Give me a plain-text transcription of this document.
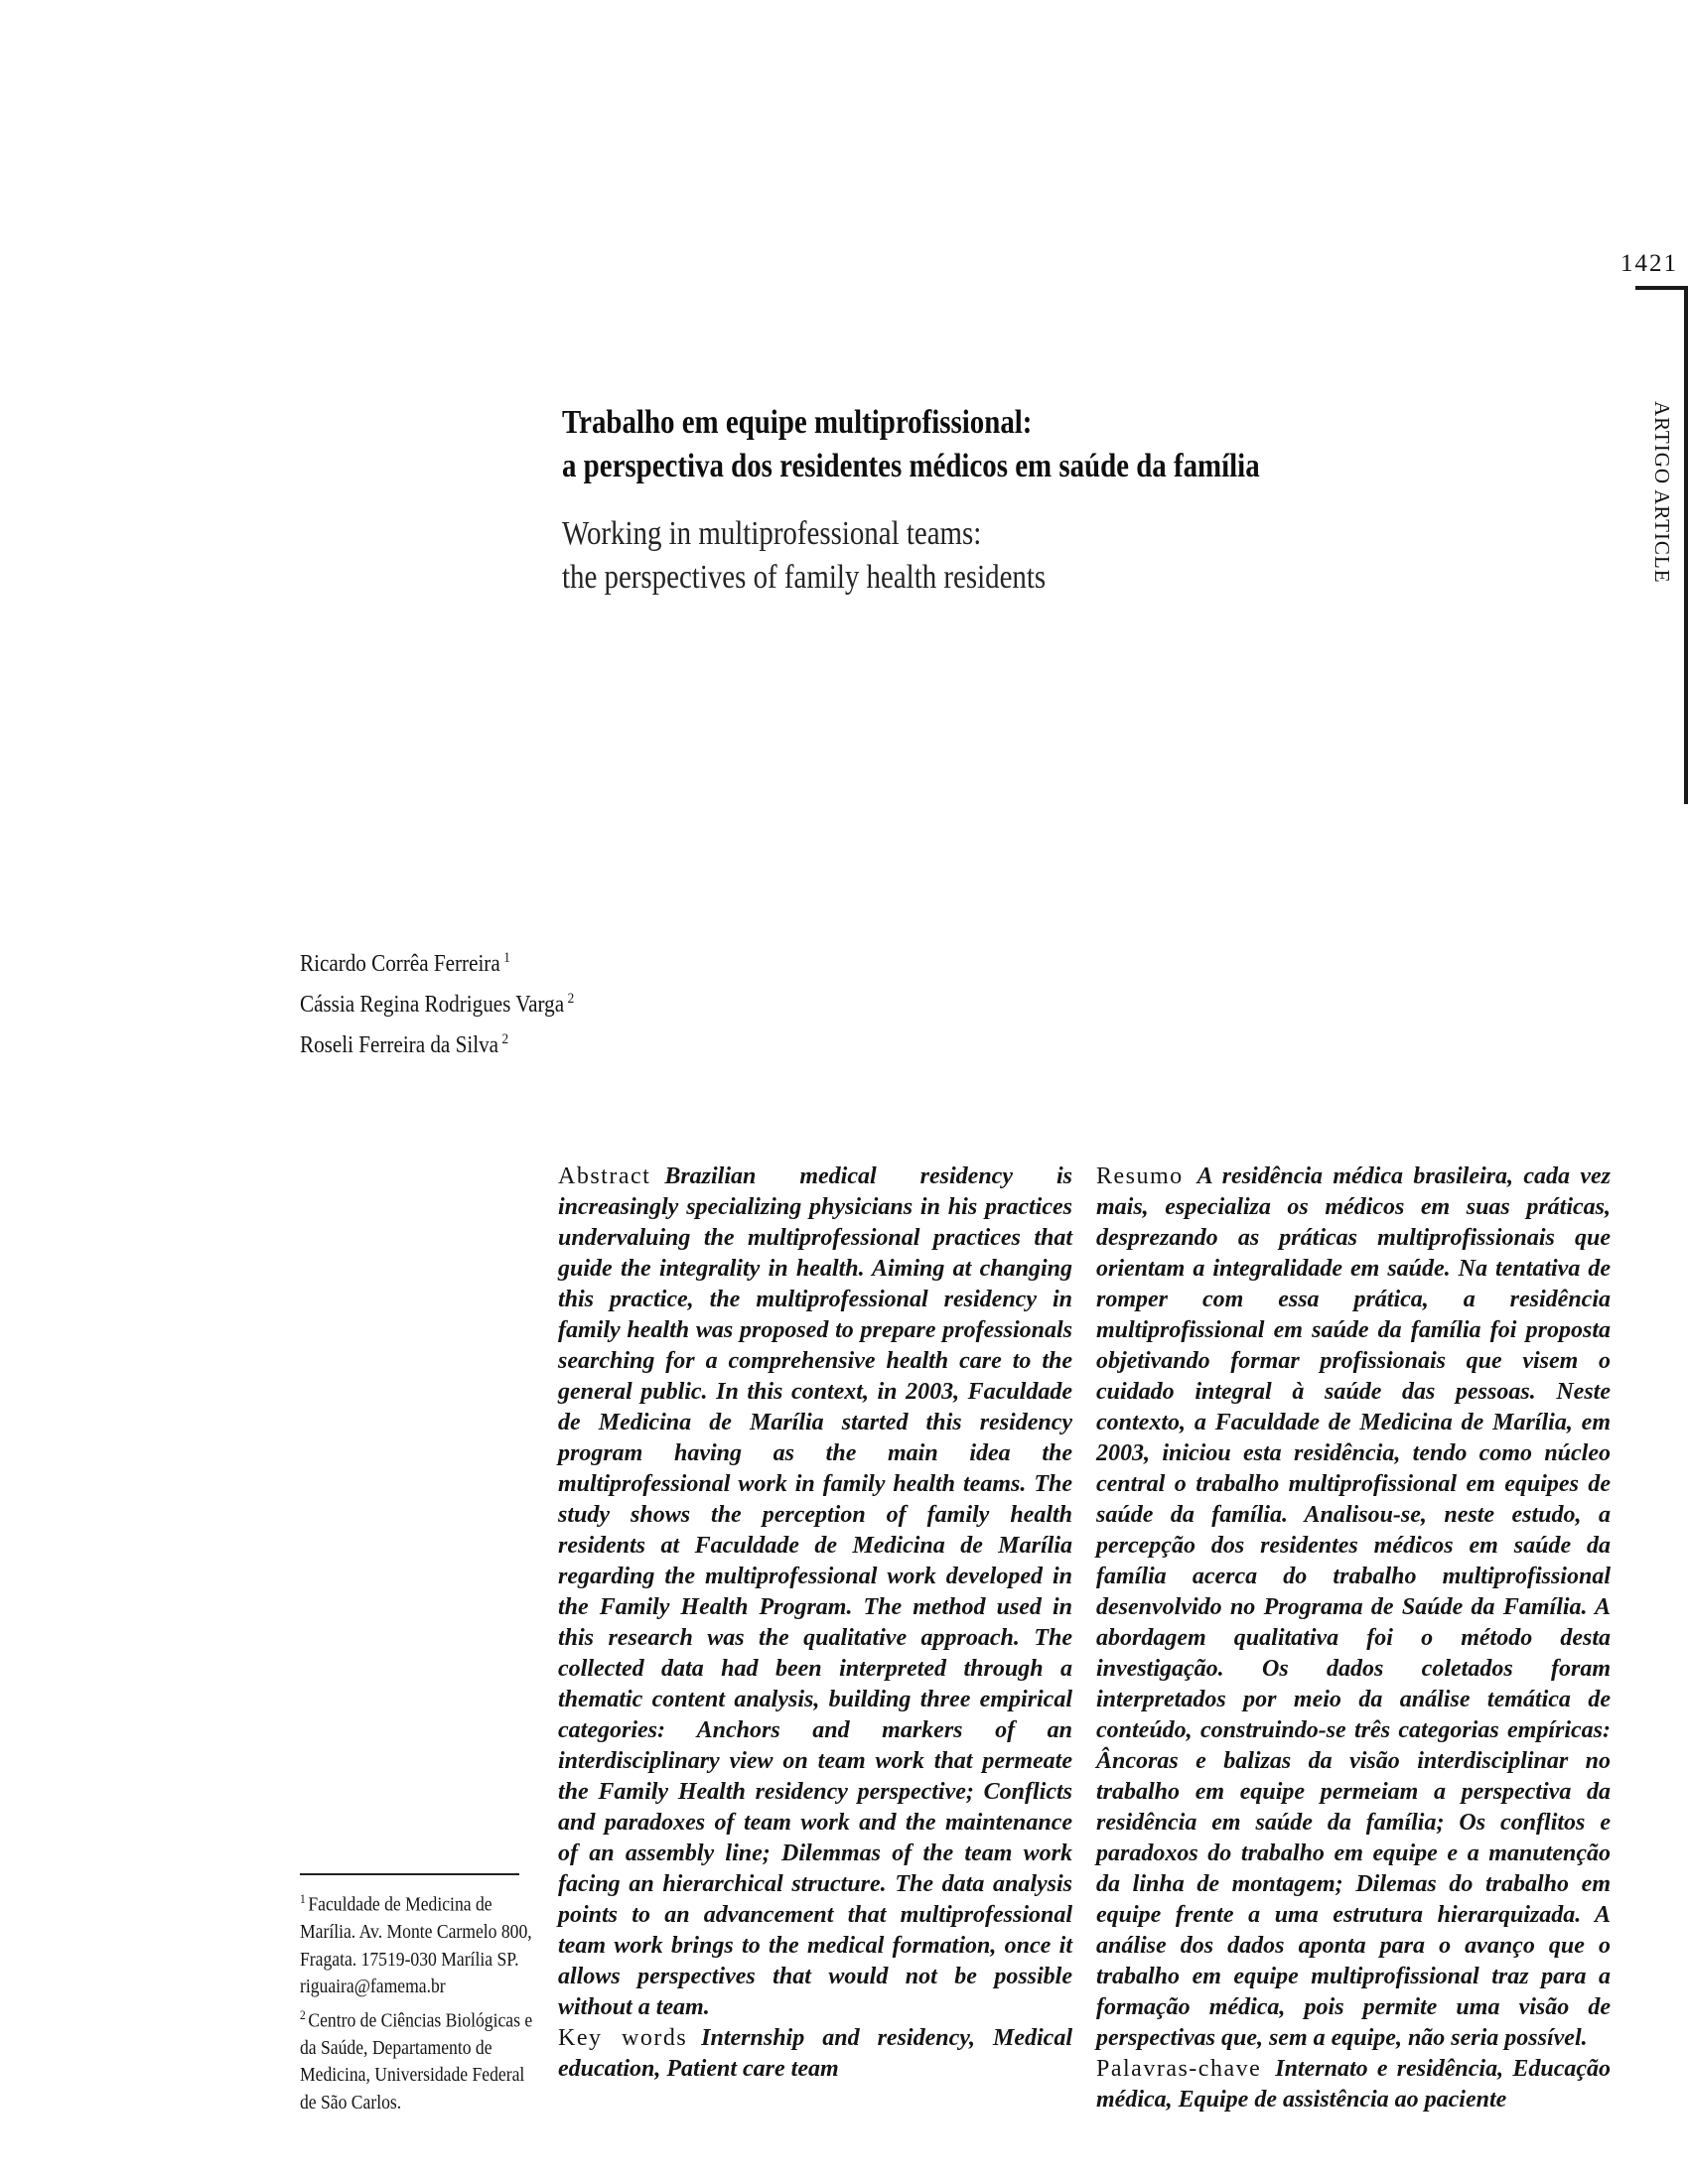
1421
ARTIGO ARTICLE
Trabalho em equipe multiprofissional:
a perspectiva dos residentes médicos em saúde da família
Working in multiprofessional teams:
the perspectives of family health residents
Ricardo Corrêa Ferreira $^1$
Cássia Regina Rodrigues Varga $^2$
Roseli Ferreira da Silva $^2$

Abstract Brazilian medical residency is increasingly specializing physicians in his practices undervaluing the multiprofessional practices that guide the integrality in health. Aiming at changing this practice, the multiprofessional residency in family health was proposed to prepare professionals searching for a comprehensive health care to the general public. In this context, in 2003, Faculdade de Medicina de Marília started this residency program having as the main idea the multiprofessional work in family health teams. The study shows the perception of family health residents at Faculdade de Medicina de Marília regarding the multiprofessional work developed in the Family Health Program. The method used in this research was the qualitative approach. The collected data had been interpreted through a thematic content analysis, building three empirical categories: Anchors and markers of an interdisciplinary view on team work that permeate the Family Health residency perspective; Conflicts and paradoxes of team work and the maintenance of an assembly line; Dilemmas of the team work facing an hierarchical structure. The data analysis points to an advancement that multiprofessional team work brings to the medical formation, once it allows perspectives that would not be possible without a team.

Key words Internship and residency, Medical education, Patient care team

Resumo A residência médica brasileira, cada vez mais, especializa os médicos em suas práticas, desprezando as práticas multiprofissionais que orientam a integralidade em saúde. Na tentativa de romper com essa prática, a residência multiprofissional em saúde da família foi proposta objetivando formar profissionais que visem o cuidado integral à saúde das pessoas. Neste contexto, a Faculdade de Medicina de Marília, em 2003, iniciou esta residência, tendo como núcleo central o trabalho multiprofissional em equipes de saúde da família. Analisou-se, neste estudo, a percepção dos residentes médicos em saúde da família acerca do trabalho multiprofissional desenvolvido no Programa de Saúde da Família. A abordagem qualitativa foi o método desta investigação. Os dados coletados foram interpretados por meio da análise temática de conteúdo, construindo-se três categorias empíricas: Âncoras e balizas da visão interdisciplinar no trabalho em equipe permeiam a perspectiva da residência em saúde da família; Os conflitos e paradoxos do trabalho em equipe e a manutenção da linha de montagem; Dilemas do trabalho em equipe frente a uma estrutura hierarquizada. A análise dos dados aponta para o avanço que o trabalho em equipe multiprofissional traz para a formação médica, pois permite uma visão de perspectivas que, sem a equipe, não seria possível.

Palavras-chave Internato e residência, Educação médica, Equipe de assistência ao paciente

$^1$ Faculdade de Medicina de Marília. Av. Monte Carmelo 800, Fragata. 17519-030 Marília SP. riguaira@famema.br

$^2$ Centro de Ciências Biológicas e da Saúde, Departamento de Medicina, Universidade Federal de São Carlos.
